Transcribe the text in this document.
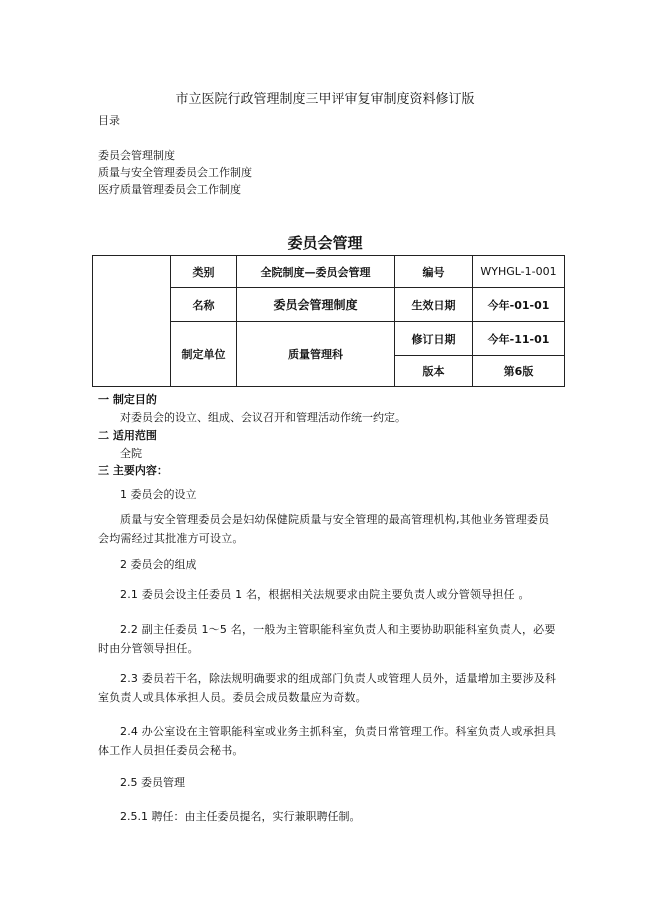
市立医院行政管理制度三甲评审复审制度资料修订版
目录
委员会管理制度
质量与安全管理委员会工作制度
医疗质量管理委员会工作制度
委员会管理
	类别	全院制度—委员会管理	编号	WYHGL-1-001
	名称	委员会管理制度	生效日期	今年-01-01
	制定单位	质量管理科	修订日期	今年-11-01
			版本	第6版
一 制定目的
对委员会的设立、组成、会议召开和管理活动作统一约定。
二 适用范围
全院
三 主要内容：
1 委员会的设立
质量与安全管理委员会是妇幼保健院质量与安全管理的最高管理机构,其他业务管理委员会均需经过其批准方可设立。
2 委员会的组成
2.1 委员会设主任委员 1 名，根据相关法规要求由院主要负责人或分管领导担任 。
2.2 副主任委员 1～5 名，一般为主管职能科室负责人和主要协助职能科室负责人，必要时由分管领导担任。
2.3 委员若干名，除法规明确要求的组成部门负责人或管理人员外，适量增加主要涉及科室负责人或具体承担人员。委员会成员数量应为奇数。
2.4 办公室设在主管职能科室或业务主抓科室，负责日常管理工作。科室负责人或承担具体工作人员担任委员会秘书。
2.5 委员管理
2.5.1 聘任：由主任委员提名，实行兼职聘任制。
